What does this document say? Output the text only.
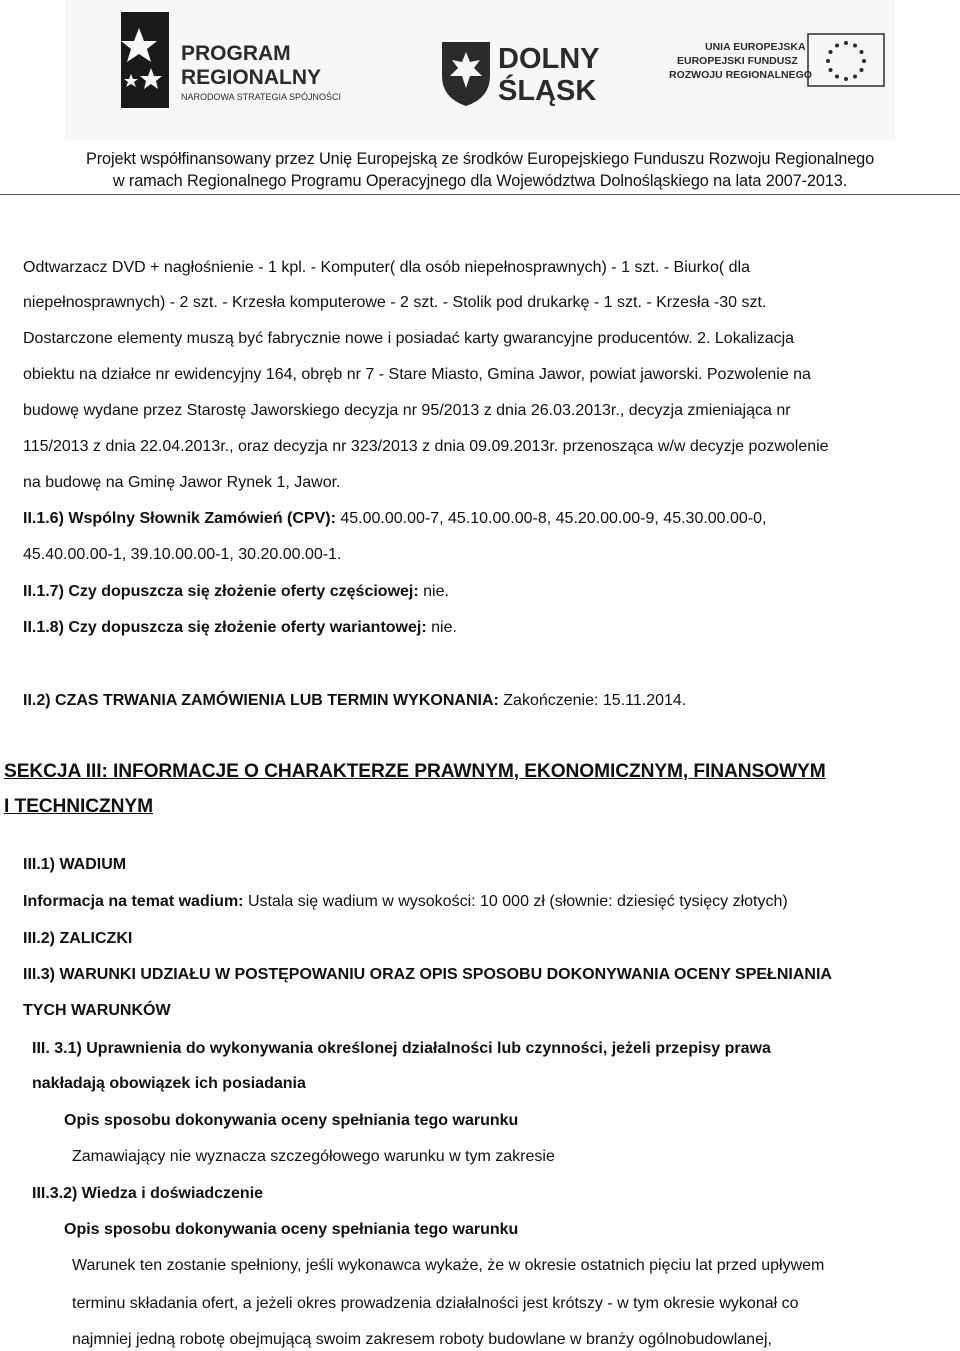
PROGRAM
REGIONALNY
NARODOWA STRATEGIA SPÓJNOŚCI
DOLNY
ŚLĄSK
UNIA EUROPEJSKA
EUROPEJSKI FUNDUSZ
ROZWOJU REGIONALNEGO
Projekt współfinansowany przez Unię Europejską ze środków Europejskiego Funduszu Rozwoju Regionalnego
w ramach Regionalnego Programu Operacyjnego dla Województwa Dolnośląskiego na lata 2007-2013.
Odtwarzacz DVD + nagłośnienie - 1 kpl. - Komputer( dla osób niepełnosprawnych) - 1 szt. - Biurko( dla
niepełnosprawnych) - 2 szt. - Krzesła komputerowe - 2 szt. - Stolik pod drukarkę - 1 szt. - Krzesła -30 szt.
Dostarczone elementy muszą być fabrycznie nowe i posiadać karty gwarancyjne producentów. 2. Lokalizacja
obiektu na działce nr ewidencyjny 164, obręb nr 7 - Stare Miasto, Gmina Jawor, powiat jaworski. Pozwolenie na
budowę wydane przez Starostę Jaworskiego decyzja nr 95/2013 z dnia 26.03.2013r., decyzja zmieniająca nr
115/2013 z dnia 22.04.2013r., oraz decyzja nr 323/2013 z dnia 09.09.2013r. przenosząca w/w decyzje pozwolenie
na budowę na Gminę Jawor Rynek 1, Jawor.
II.1.6) Wspólny Słownik Zamówień (CPV): 45.00.00.00-7, 45.10.00.00-8, 45.20.00.00-9, 45.30.00.00-0,
45.40.00.00-1, 39.10.00.00-1, 30.20.00.00-1.
II.1.7) Czy dopuszcza się złożenie oferty częściowej: nie.
II.1.8) Czy dopuszcza się złożenie oferty wariantowej: nie.
II.2) CZAS TRWANIA ZAMÓWIENIA LUB TERMIN WYKONANIA: Zakończenie: 15.11.2014.
SEKCJA III: INFORMACJE O CHARAKTERZE PRAWNYM, EKONOMICZNYM, FINANSOWYM
I TECHNICZNYM
III.1) WADIUM
Informacja na temat wadium: Ustala się wadium w wysokości: 10 000 zł (słownie: dziesięć tysięcy złotych)
III.2) ZALICZKI
III.3) WARUNKI UDZIAŁU W POSTĘPOWANIU ORAZ OPIS SPOSOBU DOKONYWANIA OCENY SPEŁNIANIA
TYCH WARUNKÓW
III. 3.1) Uprawnienia do wykonywania określonej działalności lub czynności, jeżeli przepisy prawa
nakładają obowiązek ich posiadania
Opis sposobu dokonywania oceny spełniania tego warunku
Zamawiający nie wyznacza szczegółowego warunku w tym zakresie
III.3.2) Wiedza i doświadczenie
Opis sposobu dokonywania oceny spełniania tego warunku
Warunek ten zostanie spełniony, jeśli wykonawca wykaże, że w okresie ostatnich pięciu lat przed upływem
terminu składania ofert, a jeżeli okres prowadzenia działalności jest krótszy - w tym okresie wykonał co
najmniej jedną robotę obejmującą swoim zakresem roboty budowlane w branży ogólnobudowlanej,
